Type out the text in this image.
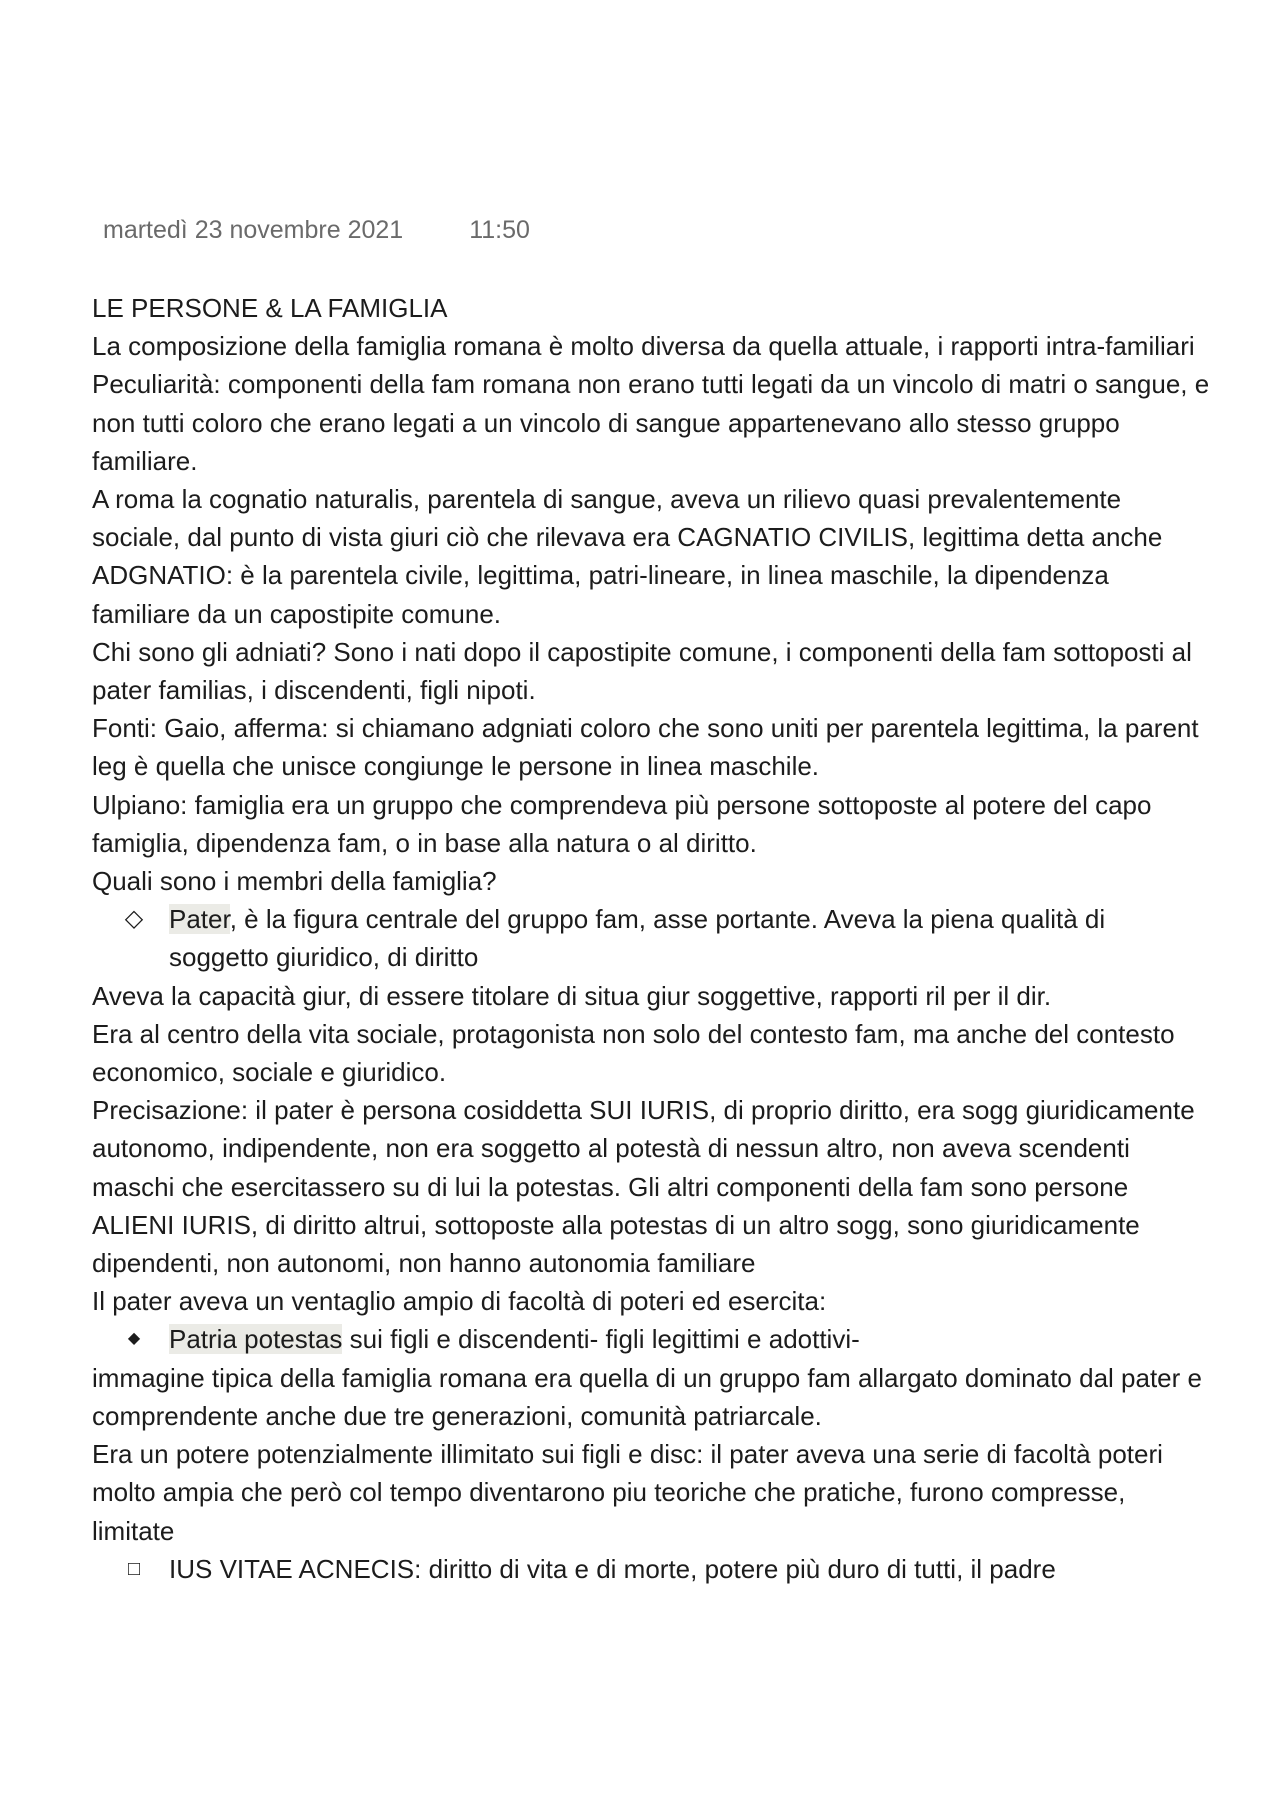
martedì 23 novembre 2021	11:50

LE PERSONE & LA FAMIGLIA

La composizione della famiglia romana è molto diversa da quella attuale, i rapporti intra-familiari

Peculiarità: componenti della fam romana non erano tutti legati da un vincolo di matri o sangue, e non tutti coloro che erano legati a un vincolo di sangue appartenevano allo stesso gruppo familiare.

A roma la cognatio naturalis, parentela di sangue, aveva un rilievo quasi prevalentemente sociale, dal punto di vista giuri ciò che rilevava era CAGNATIO CIVILIS, legittima detta anche ADGNATIO: è la parentela civile, legittima, patri-lineare, in linea maschile, la dipendenza familiare da un capostipite comune.

Chi sono gli adniati? Sono i nati dopo il capostipite comune, i componenti della fam sottoposti al pater familias, i discendenti, figli nipoti.

Fonti: Gaio, afferma: si chiamano adgniati coloro che sono uniti per parentela legittima, la parent leg è quella che unisce congiunge le persone in linea maschile.

Ulpiano: famiglia era un gruppo che comprendeva più persone sottoposte al potere del capo famiglia, dipendenza fam, o in base alla natura o al diritto.

Quali sono i membri della famiglia?

◇ Pater, è la figura centrale del gruppo fam, asse portante. Aveva la piena qualità di soggetto giuridico, di diritto

Aveva la capacità giur, di essere titolare di situa giur soggettive, rapporti ril per il dir.

Era al centro della vita sociale, protagonista non solo del contesto fam, ma anche del contesto economico, sociale e giuridico.

Precisazione: il pater è persona cosiddetta SUI IURIS, di proprio diritto, era sogg giuridicamente autonomo, indipendente, non era soggetto al potestà di nessun altro, non aveva scendenti maschi che esercitassero su di lui la potestas. Gli altri componenti della fam sono persone ALIENI IURIS, di diritto altrui, sottoposte alla potestas di un altro sogg, sono giuridicamente dipendenti, non autonomi, non hanno autonomia familiare

Il pater aveva un ventaglio ampio di facoltà di poteri ed esercita:

◆ Patria potestas sui figli e discendenti- figli legittimi e adottivi-

immagine tipica della famiglia romana era quella di un gruppo fam allargato dominato dal pater e comprendente anche due tre generazioni, comunità patriarcale.

Era un potere potenzialmente illimitato sui figli e disc: il pater aveva una serie di facoltà poteri molto ampia che però col tempo diventarono piu teoriche che pratiche, furono compresse, limitate

□ IUS VITAE ACNECIS: diritto di vita e di morte, potere più duro di tutti, il padre
